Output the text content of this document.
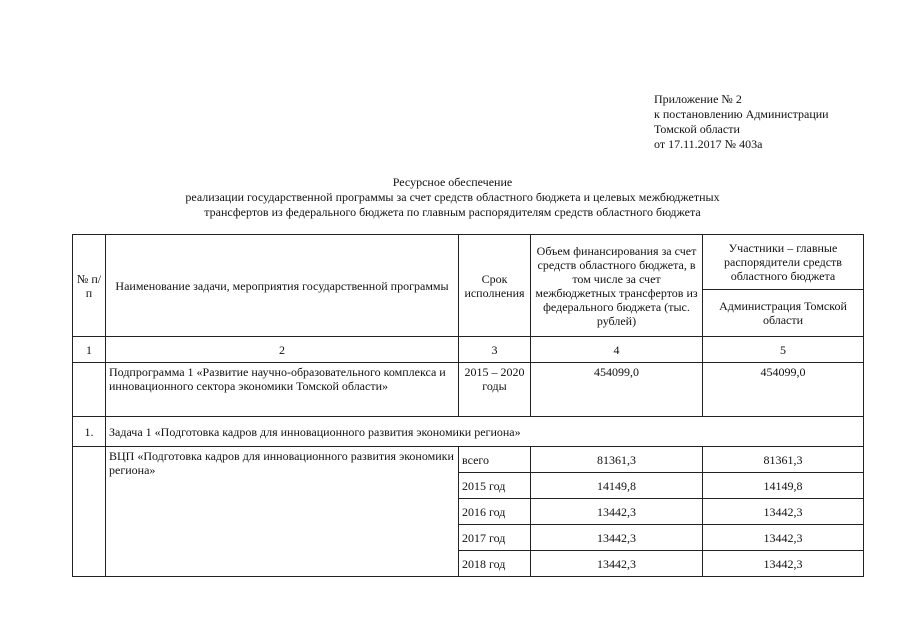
Приложение № 2
к постановлению Администрации
Томской области
от 17.11.2017 № 403а
Ресурсное обеспечение
реализации государственной программы за счет средств областного бюджета и целевых межбюджетных
трансфертов из федерального бюджета по главным распорядителям средств областного бюджета
№ п/п	Наименование задачи, мероприятия государственной программы	Срок исполнения	Объем финансирования за счет средств областного бюджета, в том числе за счет межбюджетных трансфертов из федерального бюджета (тыс. рублей)	Участники – главные распорядители средств областного бюджета
				Администрация Томской области
1	2	3	4	5
	Подпрограмма 1 «Развитие научно-образовательного комплекса и инновационного сектора экономики Томской области»	2015 – 2020 годы	454099,0	454099,0
1.	Задача 1 «Подготовка кадров для инновационного развития экономики региона»			
	ВЦП «Подготовка кадров для инновационного развития экономики региона»	всего	81361,3	81361,3
		2015 год	14149,8	14149,8
		2016 год	13442,3	13442,3
		2017 год	13442,3	13442,3
		2018 год	13442,3	13442,3
